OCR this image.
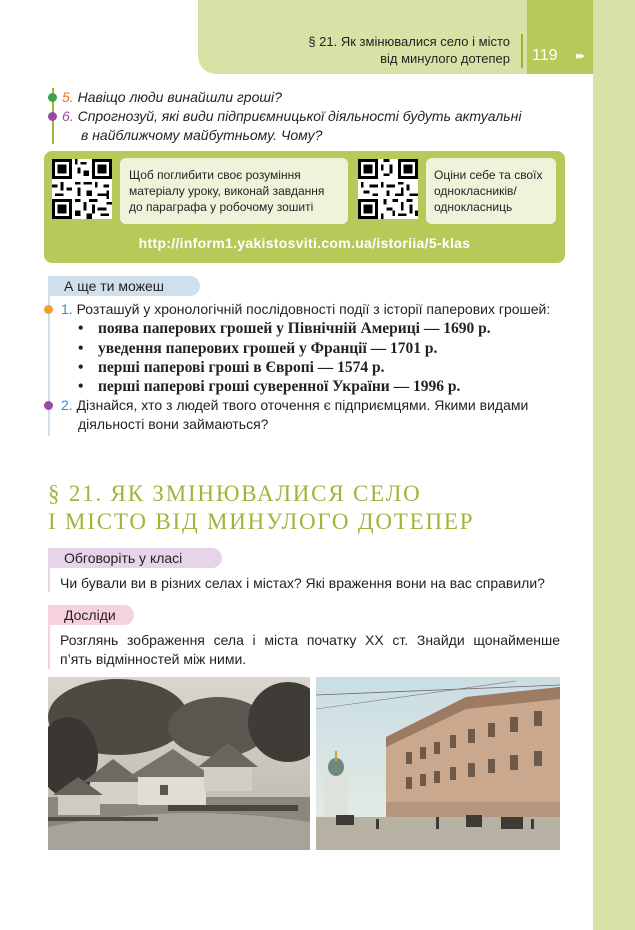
§ 21. Як змінювалися село і місто
від минулого дотепер 119 ▸▸
5. Навіщо люди винайшли гроші?
6. Спрогнозуй, які види підприємницької діяльності будуть актуальні
в найближчому майбутньому. Чому?
Щоб поглибити своє розуміння
матеріалу уроку, виконай завдання
до параграфа у робочому зошиті
Оціни себе та своїх
однокласників/
однокласниць
http://inform1.yakistosviti.com.ua/istoriia/5-klas
А ще ти можеш
1. Розташуй у хронологічній послідовності події з історії паперових грошей:
• поява паперових грошей у Північній Америці — 1690 р.
• уведення паперових грошей у Франції — 1701 р.
• перші паперові гроші в Європі — 1574 р.
• перші паперові гроші суверенної України — 1996 р.
2. Дізнайся, хто з людей твого оточення є підприємцями. Якими видами
діяльності вони займаються?
§ 21. ЯК ЗМІНЮВАЛИСЯ СЕЛО
І МІСТО ВІД МИНУЛОГО ДОТЕПЕР
Обговоріть у класі
Чи бували ви в різних селах і містах? Які враження вони на вас справили?
Досліди
Розглянь зображення села і міста початку ХХ ст. Знайди щонайменше
п’ять відмінностей між ними.
